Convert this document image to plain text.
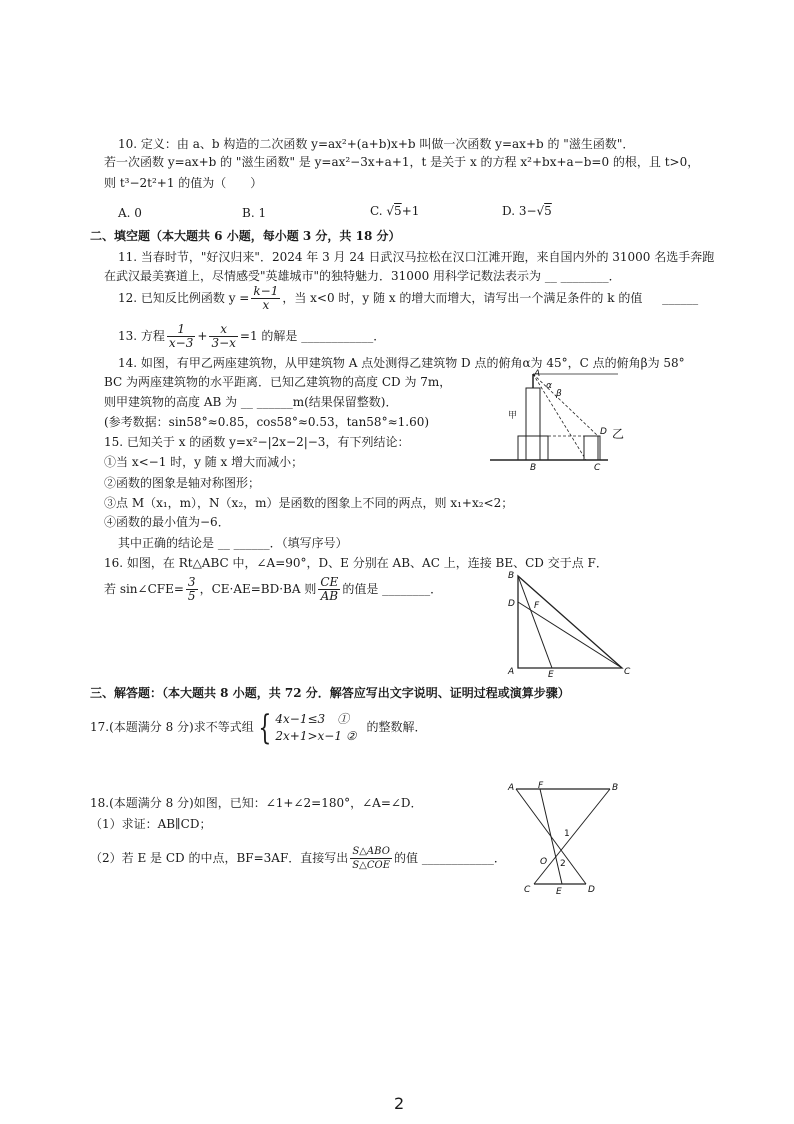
10. 定义：由 a、b 构造的二次函数 y=ax²+(a+b)x+b 叫做一次函数 y=ax+b 的 "滋生函数"．
若一次函数 y=ax+b 的 "滋生函数" 是 y=ax²−3x+a+1，t 是关于 x 的方程 x²+bx+a−b=0 的根，且 t>0，
则 t³−2t²+1 的值为（　　）
A. 0	B. 1	C. √5+1	D. 3−√5
二、填空题（本大题共 6 小题，每小题 3 分，共 18 分）
11. 当春时节，"好汉归来"．2024 年 3 月 24 日武汉马拉松在汉口江滩开跑，来自国内外的 31000 名选手奔跑
在武汉最美赛道上，尽情感受"英雄城市"的独特魅力．31000 用科学记数法表示为 __ ________．
12. 已知反比例函数 $y = \frac{k-1}{x}$ ，当 x<0 时，y 随 x 的增大而增大，请写出一个满足条件的 k 的值 ______
13. 方程 $\frac{1}{x-3} + \frac{x}{3-x} =1$ 的解是 ____________．
14. 如图，有甲乙两座建筑物，从甲建筑物 A 点处测得乙建筑物 D 点的俯角α为 45°，C 点的俯角β为 58°
BC 为两座建筑物的水平距离．已知乙建筑物的高度 CD 为 7m，
则甲建筑物的高度 AB 为 __ ______m(结果保留整数)．
(参考数据：sin58°≈0.85，cos58°≈0.53，tan58°≈1.60)
15. 已知关于 x 的函数 y=x²−|2x−2|−3，有下列结论：
①当 x<−1 时，y 随 x 增大而减小；
②函数的图象是轴对称图形；
③点 M（x₁，m），N（x₂，m）是函数的图象上不同的两点，则 x₁+x₂<2；
④函数的最小值为−6．
其中正确的结论是 __ ______．（填写序号）
16. 如图，在 Rt△ABC 中，∠A=90°，D、E 分别在 AB、AC 上，连接 BE、CD 交于点 F．
若 sin∠CFE= $\frac{3}{5}$ ，CE·AE=BD·BA 则 $\frac{CE}{AB}$ 的值是 ________．
三、解答题：（本大题共 8 小题，共 72 分．解答应写出文字说明、证明过程或演算步骤）
17.(本题满分 8 分)求不等式组 { 4x−1≤3　①
2x+1>x−1 ②
的整数解．
18.(本题满分 8 分)如图，已知：∠1+∠2=180°，∠A=∠D．
（1）求证：AB∥CD；
（2）若 E 是 CD 的中点，BF=3AF．直接写出 $\frac{\text{S△ABO}}{\text{S△COE}}$ 的值 ____________．
A
α
β
甲
D 乙
B	C
B
D F
A	E	C
A	F	B
1
O 2
C	E	D
2
